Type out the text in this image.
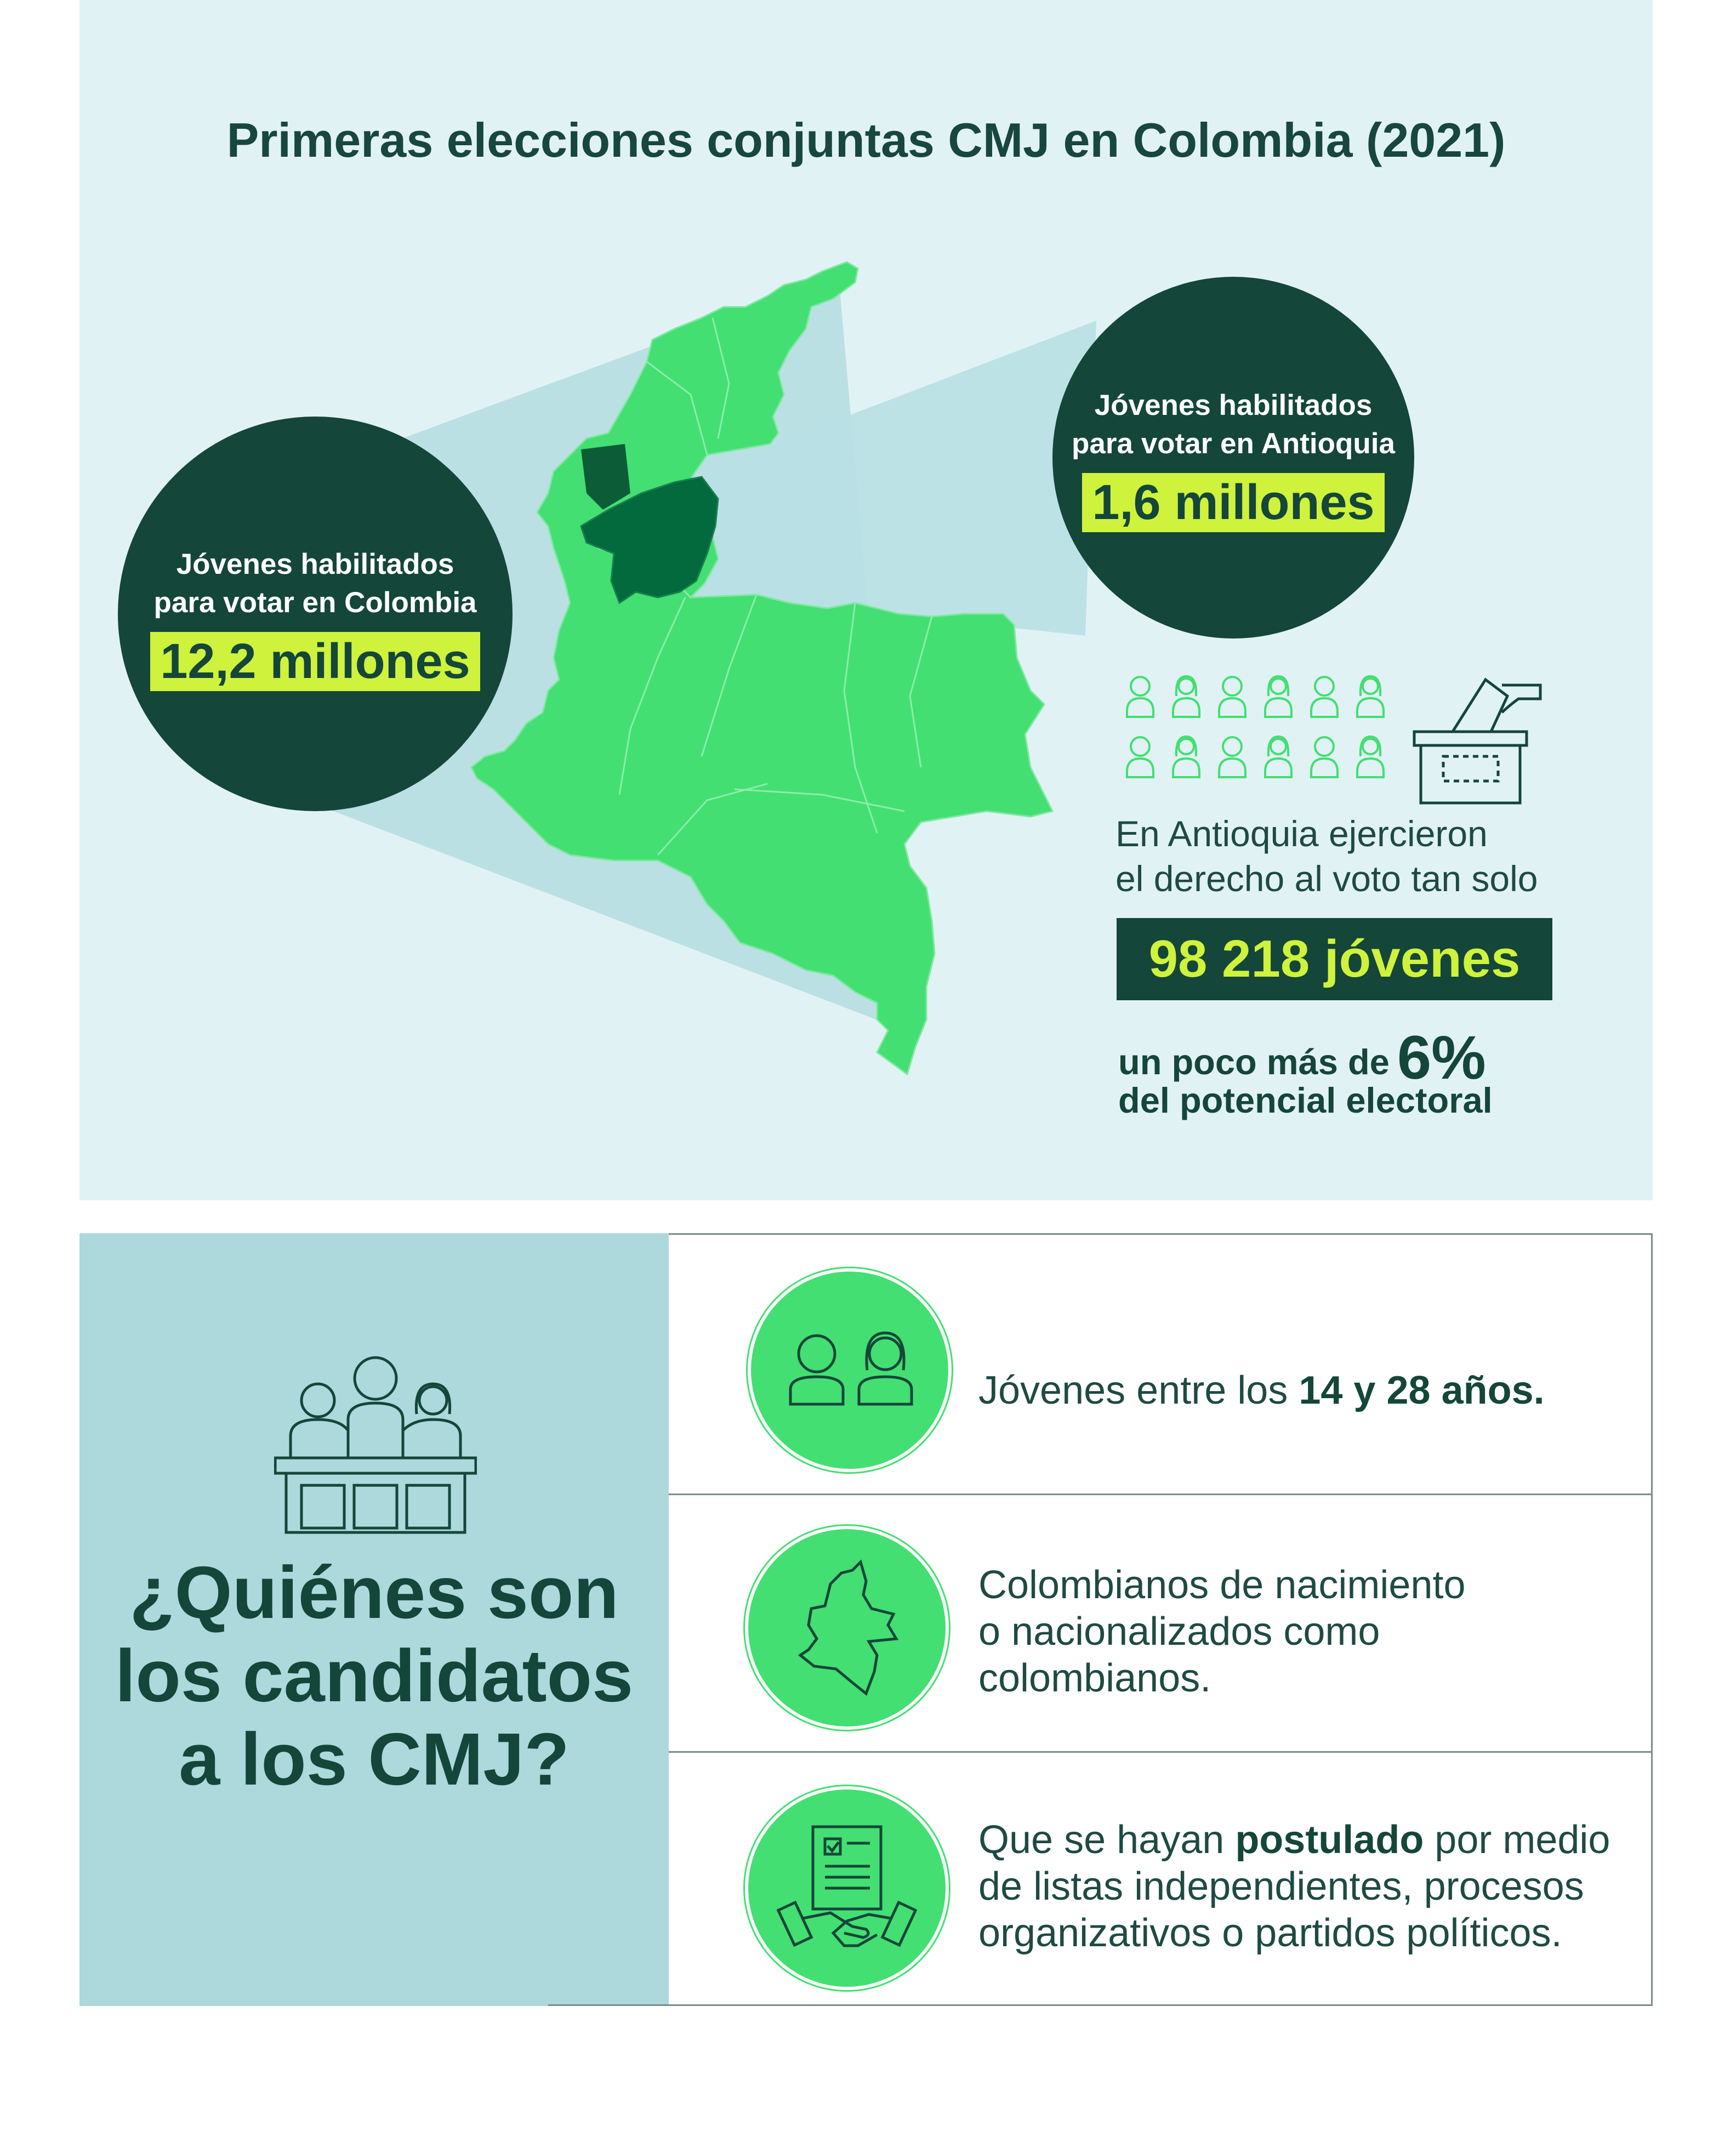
Primeras elecciones conjuntas CMJ en Colombia (2021)
Jóvenes habilitados
para votar en Colombia
12,2 millones
Jóvenes habilitados
para votar en Antioquia
1,6 millones
En Antioquia ejercieron
el derecho al voto tan solo
98 218 jóvenes
un poco más de 6%
del potencial electoral
¿Quiénes son
los candidatos
a los CMJ?
Jóvenes entre los 14 y 28 años.
Colombianos de nacimiento
o nacionalizados como
colombianos.
Que se hayan postulado por medio
de listas independientes, procesos
organizativos o partidos políticos.
